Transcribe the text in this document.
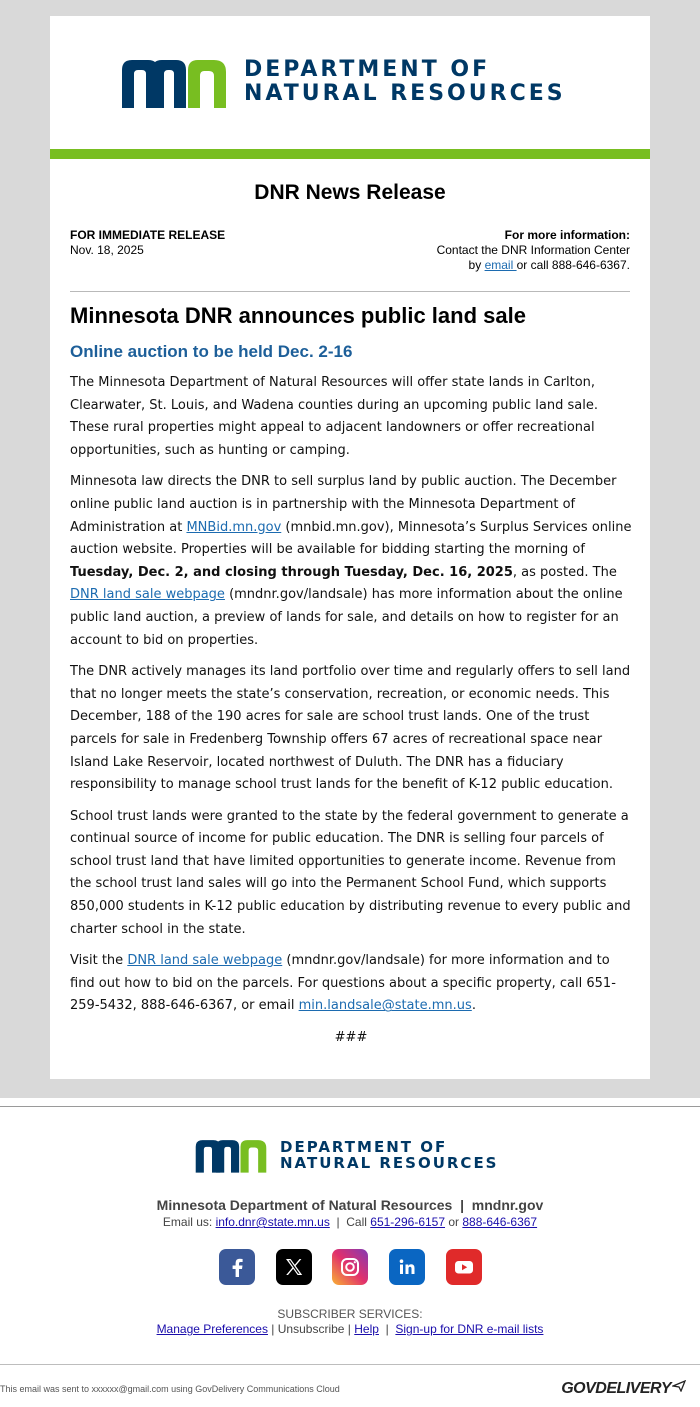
DEPARTMENT OF
NATURAL RESOURCES
DNR News Release
FOR IMMEDIATE RELEASE
Nov. 18, 2025
For more information:
Contact the DNR Information Center
by email or call 888-646-6367.
Minnesota DNR announces public land sale
Online auction to be held Dec. 2-16

The Minnesota Department of Natural Resources will offer state lands in Carlton, Clearwater, St. Louis, and Wadena counties during an upcoming public land sale. These rural properties might appeal to adjacent landowners or offer recreational opportunities, such as hunting or camping.

Minnesota law directs the DNR to sell surplus land by public auction. The December online public land auction is in partnership with the Minnesota Department of Administration at MNBid.mn.gov (mnbid.mn.gov), Minnesota’s Surplus Services online auction website. Properties will be available for bidding starting the morning of Tuesday, Dec. 2, and closing through Tuesday, Dec. 16, 2025, as posted. The DNR land sale webpage (mndnr.gov/landsale) has more information about the online public land auction, a preview of lands for sale, and details on how to register for an account to bid on properties.

The DNR actively manages its land portfolio over time and regularly offers to sell land that no longer meets the state’s conservation, recreation, or economic needs. This December, 188 of the 190 acres for sale are school trust lands. One of the trust parcels for sale in Fredenberg Township offers 67 acres of recreational space near Island Lake Reservoir, located northwest of Duluth. The DNR has a fiduciary responsibility to manage school trust lands for the benefit of K-12 public education.

School trust lands were granted to the state by the federal government to generate a continual source of income for public education. The DNR is selling four parcels of school trust land that have limited opportunities to generate income. Revenue from the school trust land sales will go into the Permanent School Fund, which supports 850,000 students in K-12 public education by distributing revenue to every public and charter school in the state.

Visit the DNR land sale webpage (mndnr.gov/landsale) for more information and to find out how to bid on the parcels. For questions about a specific property, call 651-259-5432, 888-646-6367, or email min.landsale@state.mn.us.

###
DEPARTMENT OF
NATURAL RESOURCES
Minnesota Department of Natural Resources  |  mndnr.gov
Email us: info.dnr@state.mn.us  |  Call 651-296-6157 or 888-646-6367
SUBSCRIBER SERVICES:
Manage Preferences | Unsubscribe | Help  |  Sign-up for DNR e-mail lists
This email was sent to xxxxxx@gmail.com using GovDelivery Communications Cloud	GOVDELIVERY
